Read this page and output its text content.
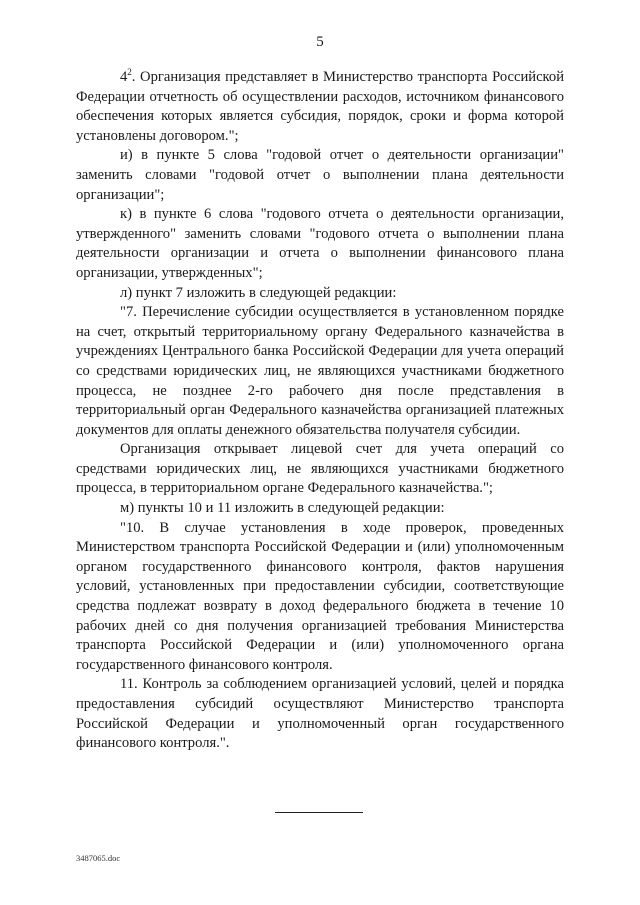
5

$4^2$. Организация представляет в Министерство транспорта Российской Федерации отчетность об осуществлении расходов, источником финансового обеспечения которых является субсидия, порядок, сроки и форма которой установлены договором.";

и) в пункте 5 слова "годовой отчет о деятельности организации" заменить словами "годовой отчет о выполнении плана деятельности организации";

к) в пункте 6 слова "годового отчета о деятельности организации, утвержденного" заменить словами "годового отчета о выполнении плана деятельности организации и отчета о выполнении финансового плана организации, утвержденных";

л) пункт 7 изложить в следующей редакции:

"7. Перечисление субсидии осуществляется в установленном порядке на счет, открытый территориальному органу Федерального казначейства в учреждениях Центрального банка Российской Федерации для учета операций со средствами юридических лиц, не являющихся участниками бюджетного процесса, не позднее 2-го рабочего дня после представления в территориальный орган Федерального казначейства организацией платежных документов для оплаты денежного обязательства получателя субсидии.

Организация открывает лицевой счет для учета операций со средствами юридических лиц, не являющихся участниками бюджетного процесса, в территориальном органе Федерального казначейства.";

м) пункты 10 и 11 изложить в следующей редакции:

"10. В случае установления в ходе проверок, проведенных Министерством транспорта Российской Федерации и (или) уполномоченным органом государственного финансового контроля, фактов нарушения условий, установленных при предоставлении субсидии, соответствующие средства подлежат возврату в доход федерального бюджета в течение 10 рабочих дней со дня получения организацией требования Министерства транспорта Российской Федерации и (или) уполномоченного органа государственного финансового контроля.

11. Контроль за соблюдением организацией условий, целей и порядка предоставления субсидий осуществляют Министерство транспорта Российской Федерации и уполномоченный орган государственного финансового контроля.".

3487065.doc
